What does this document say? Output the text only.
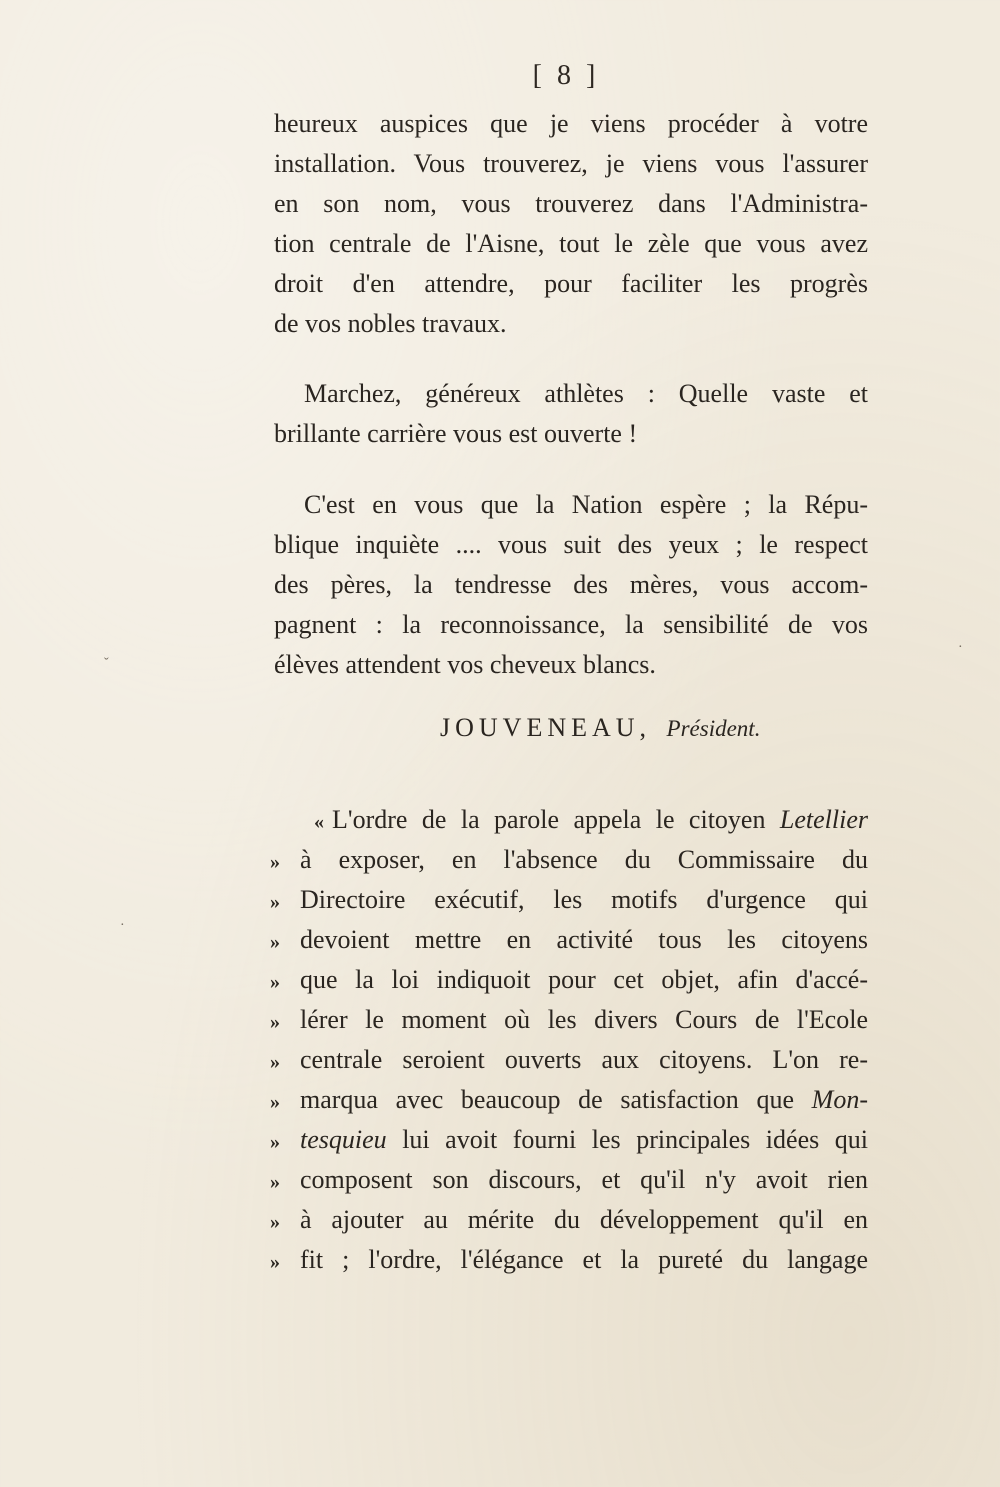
[ 8 ]
heureux auspices que je viens procéder à votre
installation. Vous trouverez, je viens vous l'assurer
en son nom, vous trouverez dans l'Administra-
tion centrale de l'Aisne, tout le zèle que vous avez
droit d'en attendre, pour faciliter les progrès
de vos nobles travaux.
Marchez, généreux athlètes : Quelle vaste et
brillante carrière vous est ouverte !
C'est en vous que la Nation espère ; la Répu-
blique inquiète .... vous suit des yeux ; le respect
des pères, la tendresse des mères, vous accom-
pagnent : la reconnoissance, la sensibilité de vos
élèves attendent vos cheveux blancs.
JOUVENEAU, Président.
« L'ordre de la parole appela le citoyen Letellier
» à exposer, en l'absence du Commissaire du
» Directoire exécutif, les motifs d'urgence qui
» devoient mettre en activité tous les citoyens
» que la loi indiquoit pour cet objet, afin d'accé-
» lérer le moment où les divers Cours de l'Ecole
» centrale seroient ouverts aux citoyens. L'on re-
» marqua avec beaucoup de satisfaction que Mon-
» tesquieu lui avoit fourni les principales idées qui
» composent son discours, et qu'il n'y avoit rien
» à ajouter au mérite du développement qu'il en
» fit ; l'ordre, l'élégance et la pureté du langage
ˇ
·
·
